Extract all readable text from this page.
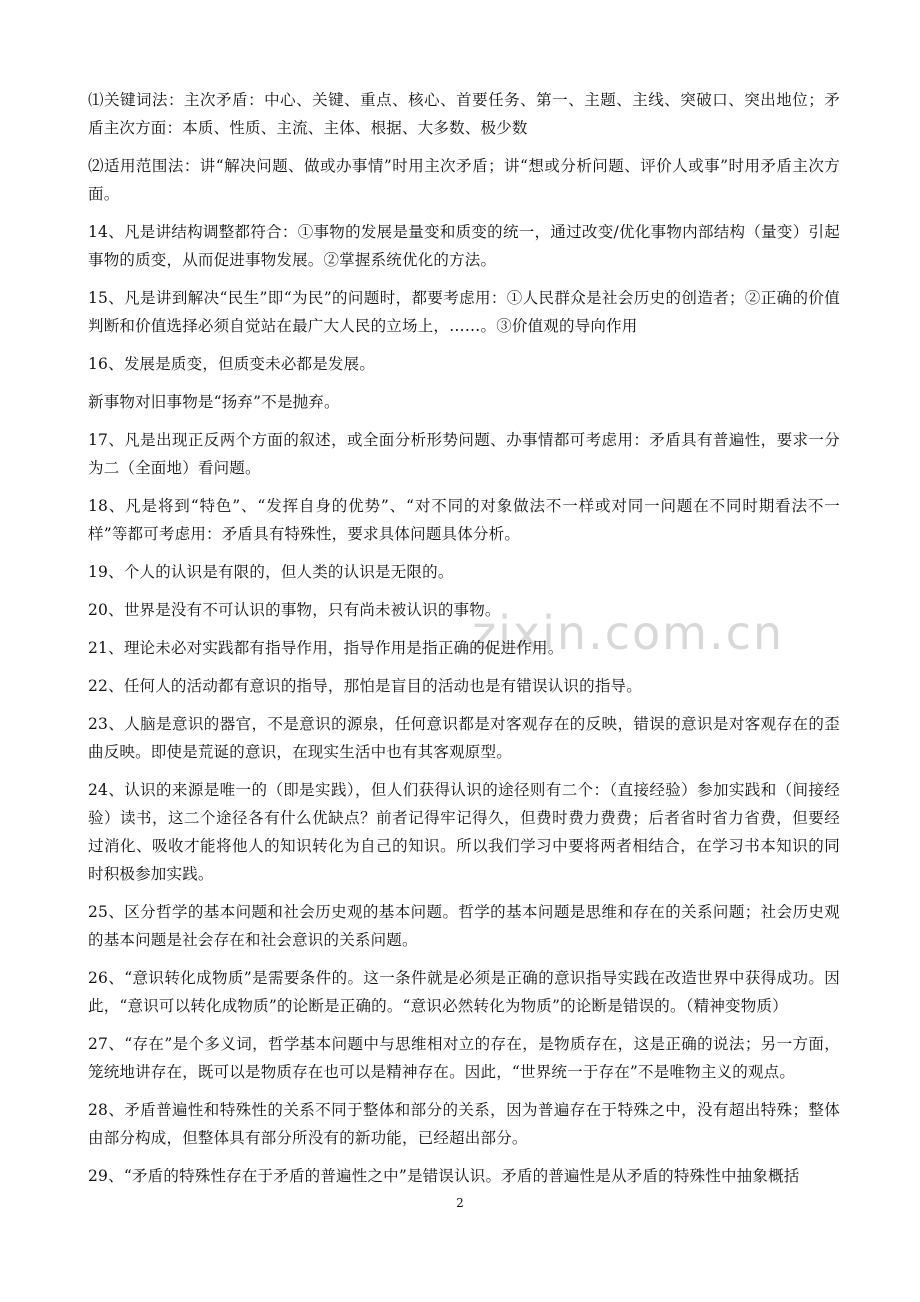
zixin.com.cn

⑴关键词法：主次矛盾：中心、关键、重点、核心、首要任务、第一、主题、主线、突破口、突出地位；矛盾主次方面：本质、性质、主流、主体、根据、大多数、极少数

⑵适用范围法：讲“解决问题、做或办事情”时用主次矛盾；讲“想或分析问题、评价人或事”时用矛盾主次方面。

14、凡是讲结构调整都符合：①事物的发展是量变和质变的统一，通过改变/优化事物内部结构（量变）引起事物的质变，从而促进事物发展。②掌握系统优化的方法。

15、凡是讲到解决“民生”即“为民”的问题时，都要考虑用：①人民群众是社会历史的创造者；②正确的价值判断和价值选择必须自觉站在最广大人民的立场上，……。③价值观的导向作用

16、发展是质变，但质变未必都是发展。

新事物对旧事物是“扬弃”不是抛弃。

17、凡是出现正反两个方面的叙述，或全面分析形势问题、办事情都可考虑用：矛盾具有普遍性，要求一分为二（全面地）看问题。

18、凡是将到“特色”、“发挥自身的优势”、“对不同的对象做法不一样或对同一问题在不同时期看法不一样”等都可考虑用：矛盾具有特殊性，要求具体问题具体分析。

19、个人的认识是有限的，但人类的认识是无限的。

20、世界是没有不可认识的事物，只有尚未被认识的事物。

21、理论未必对实践都有指导作用，指导作用是指正确的促进作用。

22、任何人的活动都有意识的指导，那怕是盲目的活动也是有错误认识的指导。

23、人脑是意识的器官，不是意识的源泉，任何意识都是对客观存在的反映，错误的意识是对客观存在的歪曲反映。即使是荒诞的意识，在现实生活中也有其客观原型。

24、认识的来源是唯一的（即是实践），但人们获得认识的途径则有二个：（直接经验）参加实践和（间接经验）读书，这二个途径各有什么优缺点？前者记得牢记得久，但费时费力费费；后者省时省力省费，但要经过消化、吸收才能将他人的知识转化为自己的知识。所以我们学习中要将两者相结合，在学习书本知识的同时积极参加实践。

25、区分哲学的基本问题和社会历史观的基本问题。哲学的基本问题是思维和存在的关系问题；社会历史观的基本问题是社会存在和社会意识的关系问题。

26、“意识转化成物质”是需要条件的。这一条件就是必须是正确的意识指导实践在改造世界中获得成功。因此，“意识可以转化成物质”的论断是正确的。“意识必然转化为物质”的论断是错误的。（精神变物质）

27、“存在”是个多义词，哲学基本问题中与思维相对立的存在，是物质存在，这是正确的说法；另一方面，笼统地讲存在，既可以是物质存在也可以是精神存在。因此，“世界统一于存在”不是唯物主义的观点。

28、矛盾普遍性和特殊性的关系不同于整体和部分的关系，因为普遍存在于特殊之中，没有超出特殊；整体由部分构成，但整体具有部分所没有的新功能，已经超出部分。

29、“矛盾的特殊性存在于矛盾的普遍性之中”是错误认识。矛盾的普遍性是从矛盾的特殊性中抽象概括

2
